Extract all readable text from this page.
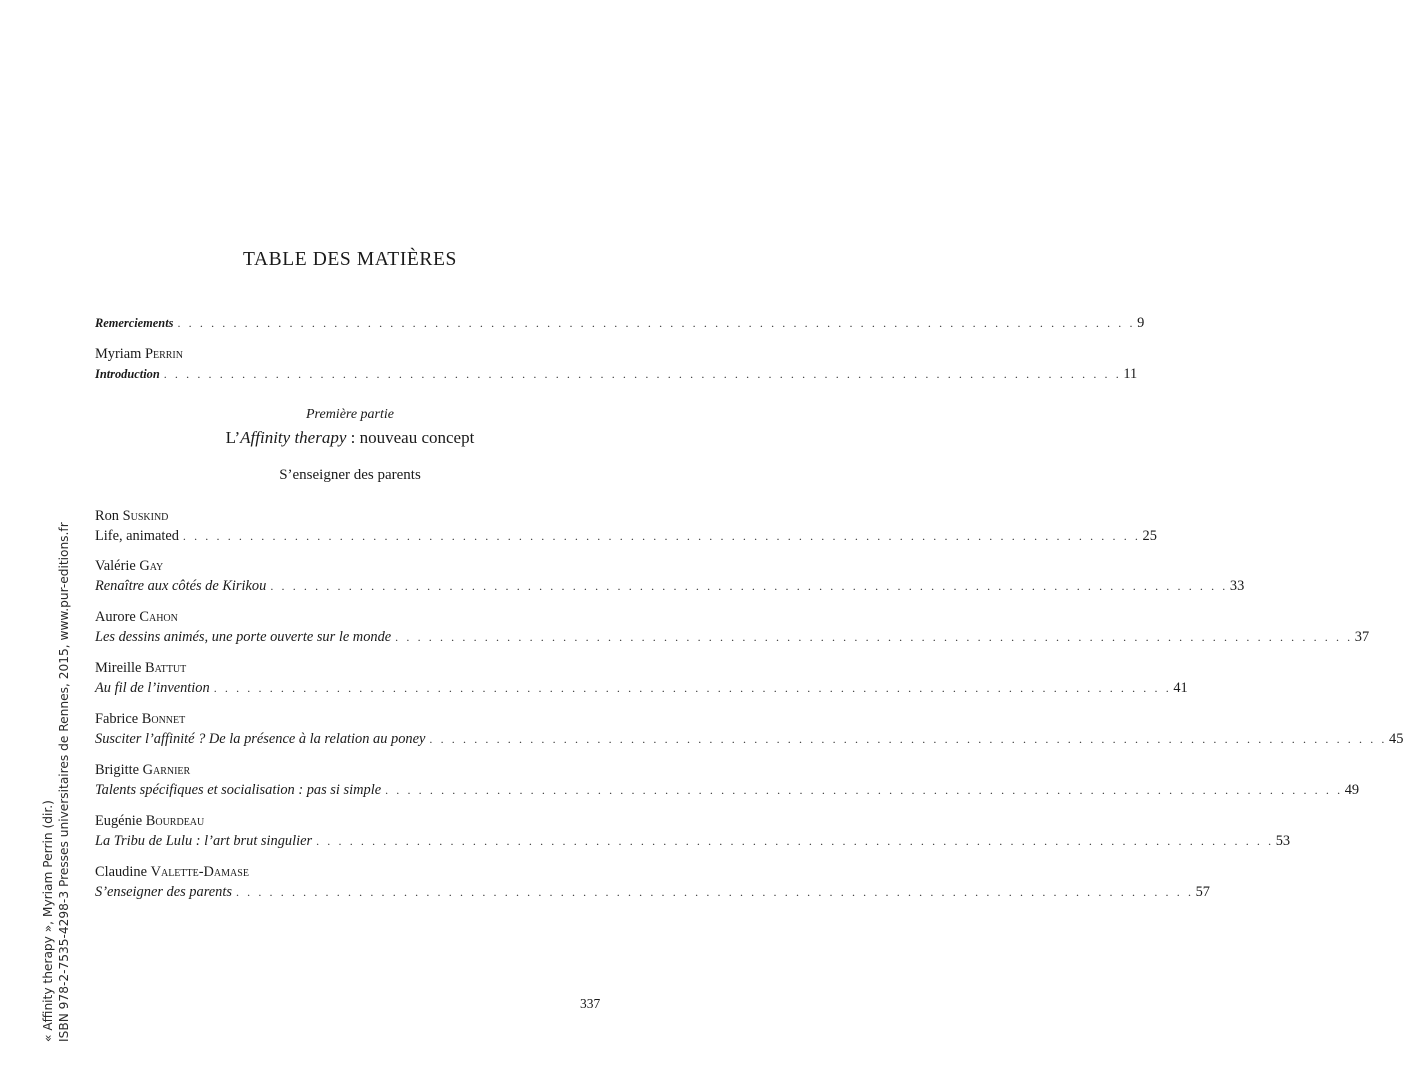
TABLE DES MATIÈRES
Remerciements . . . . . . . . . . . . . . . . . . . . . . . . . . . . . . . . . . . . . . . . . . . . . . . . . . . . . . . . . . . . . . . . . . . . . . . . . . . . . . . . . . . . . . 9
Myriam Perrin
Introduction . . . . . . . . . . . . . . . . . . . . . . . . . . . . . . . . . . . . . . . . . . . . . . . . . . . . . . . . . . . . . . . . . . . . . . . . . . . . . . . . . . . . . . 11
Première partie
L’Affinity therapy : nouveau concept
S’enseigner des parents
Ron Suskind
Life, animated . . . . . . . . . . . . . . . . . . . . . . . . . . . . . . . . . . . . . . . . . . . . . . . . . . . . . . . . . . . . . . . . . . . . . . . . . . . . . . . . . . . . . . 25
Valérie Gay
Renaître aux côtés de Kirikou . . . . . . . . . . . . . . . . . . . . . . . . . . . . . . . . . . . . . . . . . . . . . . . . . . . . . . . . . . . . . . . . . . . . . . . . . . . . . . . . . . . . . . 33
Aurore Cahon
Les dessins animés, une porte ouverte sur le monde . . . . . . . . . . . . . . . . . . . . . . . . . . . . . . . . . . . . . . . . . . . . . . . . . . . . . . . . . . . . . . . . . . . . . . . . . . . . . . . . . . . . . . 37
Mireille Battut
Au fil de l’invention . . . . . . . . . . . . . . . . . . . . . . . . . . . . . . . . . . . . . . . . . . . . . . . . . . . . . . . . . . . . . . . . . . . . . . . . . . . . . . . . . . . . . . 41
Fabrice Bonnet
Susciter l’affinité ? De la présence à la relation au poney . . . . . . . . . . . . . . . . . . . . . . . . . . . . . . . . . . . . . . . . . . . . . . . . . . . . . . . . . . . . . . . . . . . . . . . . . . . . . . . . . . . . . . 45
Brigitte Garnier
Talents spécifiques et socialisation : pas si simple . . . . . . . . . . . . . . . . . . . . . . . . . . . . . . . . . . . . . . . . . . . . . . . . . . . . . . . . . . . . . . . . . . . . . . . . . . . . . . . . . . . . . . 49
Eugénie Bourdeau
La Tribu de Lulu : l’art brut singulier . . . . . . . . . . . . . . . . . . . . . . . . . . . . . . . . . . . . . . . . . . . . . . . . . . . . . . . . . . . . . . . . . . . . . . . . . . . . . . . . . . . . . . 53
Claudine Valette-Damase
S’enseigner des parents . . . . . . . . . . . . . . . . . . . . . . . . . . . . . . . . . . . . . . . . . . . . . . . . . . . . . . . . . . . . . . . . . . . . . . . . . . . . . . . . . . . . . . 57
337
« Affinity therapy », Myriam Perrin (dir.) ISBN 978-2-7535-4298-3 Presses universitaires de Rennes, 2015, www.pur-editions.fr
